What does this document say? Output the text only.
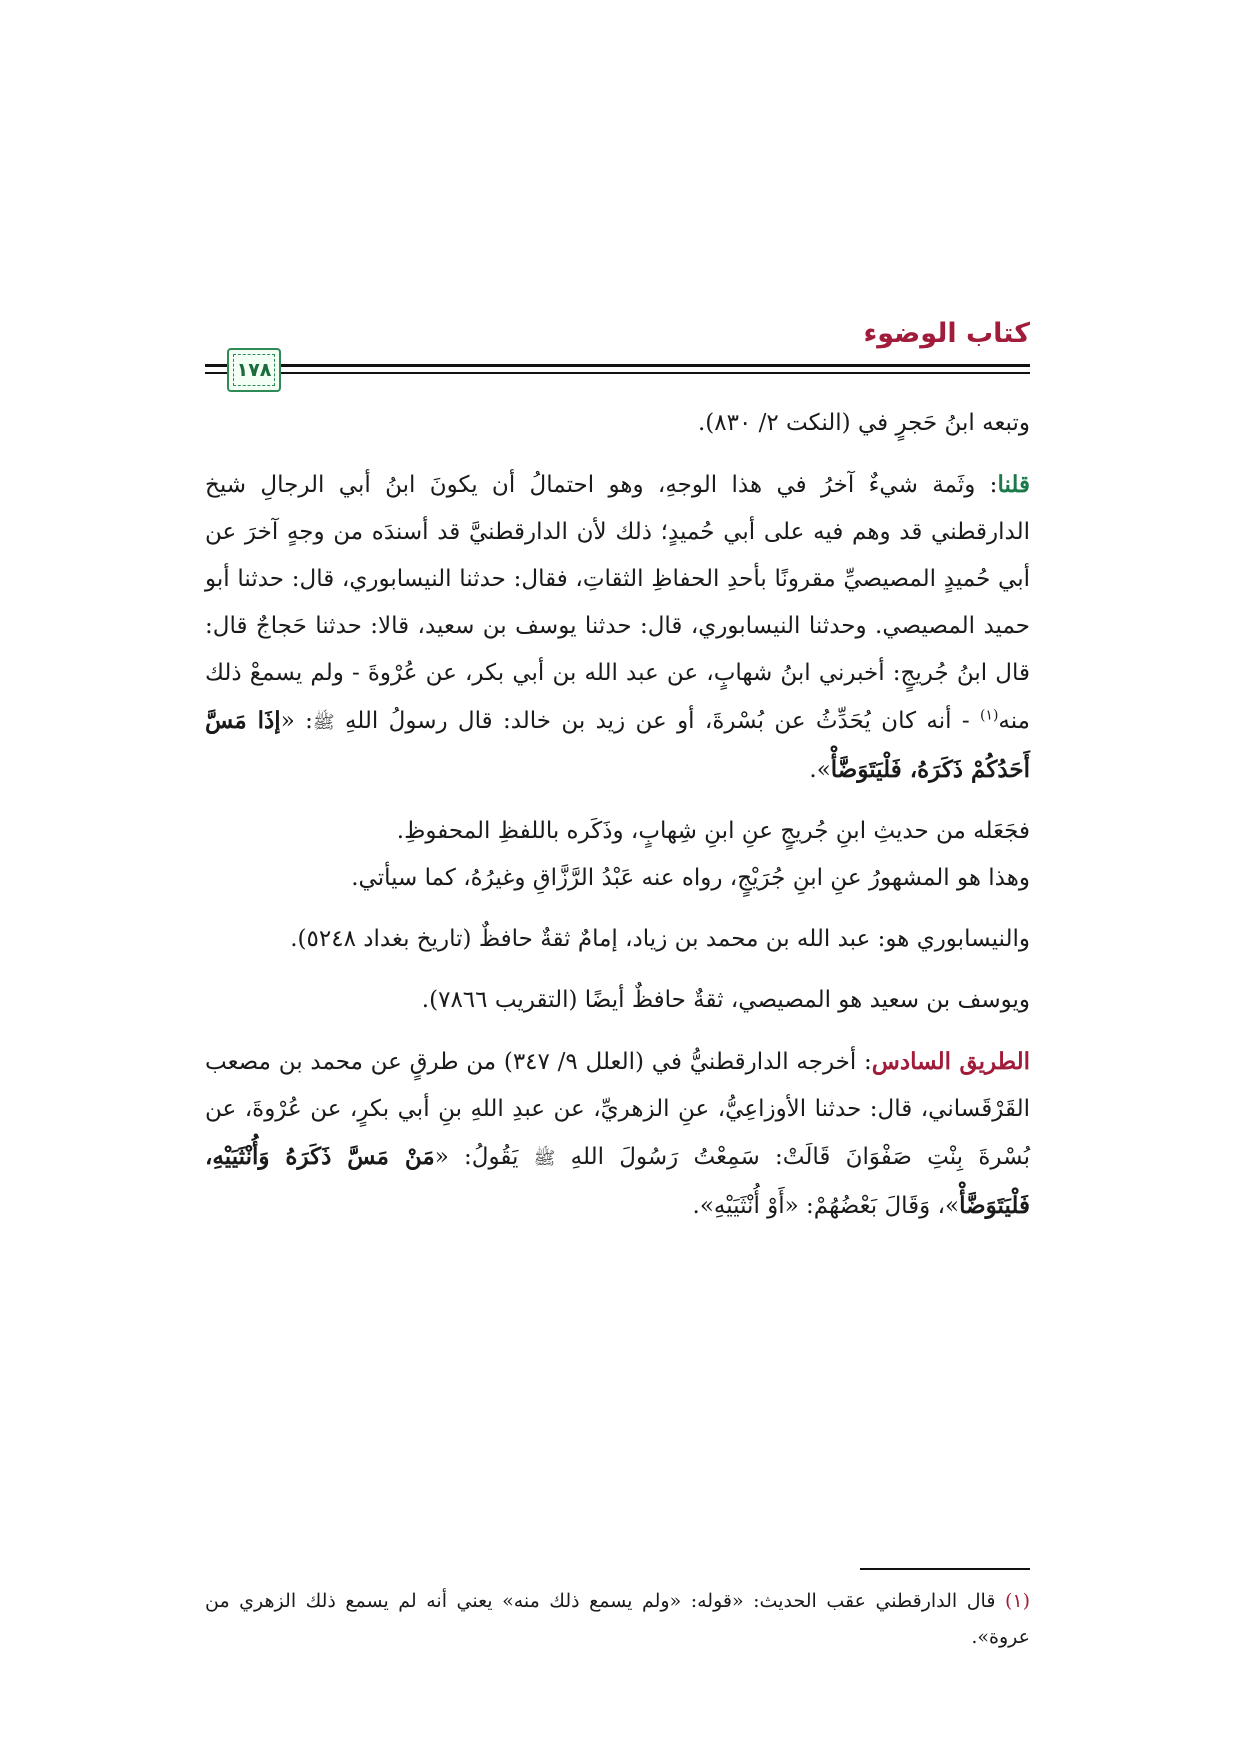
كتاب الوضوء
١٧٨

وتبعه ابنُ حَجرٍ في (النكت ٢/ ٨٣٠).

قلنا: وثَمة شيءٌ آخرُ في هذا الوجهِ، وهو احتمالُ أن يكونَ ابنُ أبي الرجالِ شيخ الدارقطني قد وهم فيه على أبي حُميدٍ؛ ذلك لأن الدارقطنيَّ قد أسندَه من وجهٍ آخرَ عن أبي حُميدٍ المصيصيِّ مقرونًا بأحدِ الحفاظِ الثقاتِ، فقال: حدثنا النيسابوري، قال: حدثنا أبو حميد المصيصي. وحدثنا النيسابوري، قال: حدثنا يوسف بن سعيد، قالا: حدثنا حَجاجٌ قال: قال ابنُ جُريجٍ: أخبرني ابنُ شهابٍ، عن عبد الله بن أبي بكر، عن عُرْوةَ - ولم يسمعْ ذلك منه$^{(١)}$ - أنه كان يُحَدِّثُ عن بُسْرةَ، أو عن زيد بن خالد: قال رسولُ اللهِ ﷺ: «إذَا مَسَّ أَحَدُكُمْ ذَكَرَهُ، فَلْيَتَوَضَّأْ».

فجَعَله من حديثِ ابنِ جُريجٍ عنِ ابنِ شِهابٍ، وذَكَره باللفظِ المحفوظِ.

وهذا هو المشهورُ عنِ ابنِ جُرَيْجٍ، رواه عنه عَبْدُ الرَّزَّاقِ وغيرُهُ، كما سيأتي.

والنيسابوري هو: عبد الله بن محمد بن زياد، إمامٌ ثقةٌ حافظٌ (تاريخ بغداد ٥٢٤٨).

ويوسف بن سعيد هو المصيصي، ثقةٌ حافظٌ أيضًا (التقريب ٧٨٦٦).

الطريق السادس: أخرجه الدارقطنيُّ في (العلل ٩/ ٣٤٧) من طرقٍ عن محمد بن مصعب القَرْقَساني، قال: حدثنا الأوزاعِيُّ، عنِ الزهريِّ، عن عبدِ اللهِ بنِ أبي بكرٍ، عن عُرْوةَ، عن بُسْرةَ بِنْتِ صَفْوَانَ قَالَتْ: سَمِعْتُ رَسُولَ اللهِ ﷺ يَقُولُ: «مَنْ مَسَّ ذَكَرَهُ وَأُنْثَيَيْهِ، فَلْيَتَوَضَّأْ»، وَقَالَ بَعْضُهُمْ: «أَوْ أُنْثَيَيْهِ».

(١) قال الدارقطني عقب الحديث: «قوله: «ولم يسمع ذلك منه» يعني أنه لم يسمع ذلك الزهري من عروة».
